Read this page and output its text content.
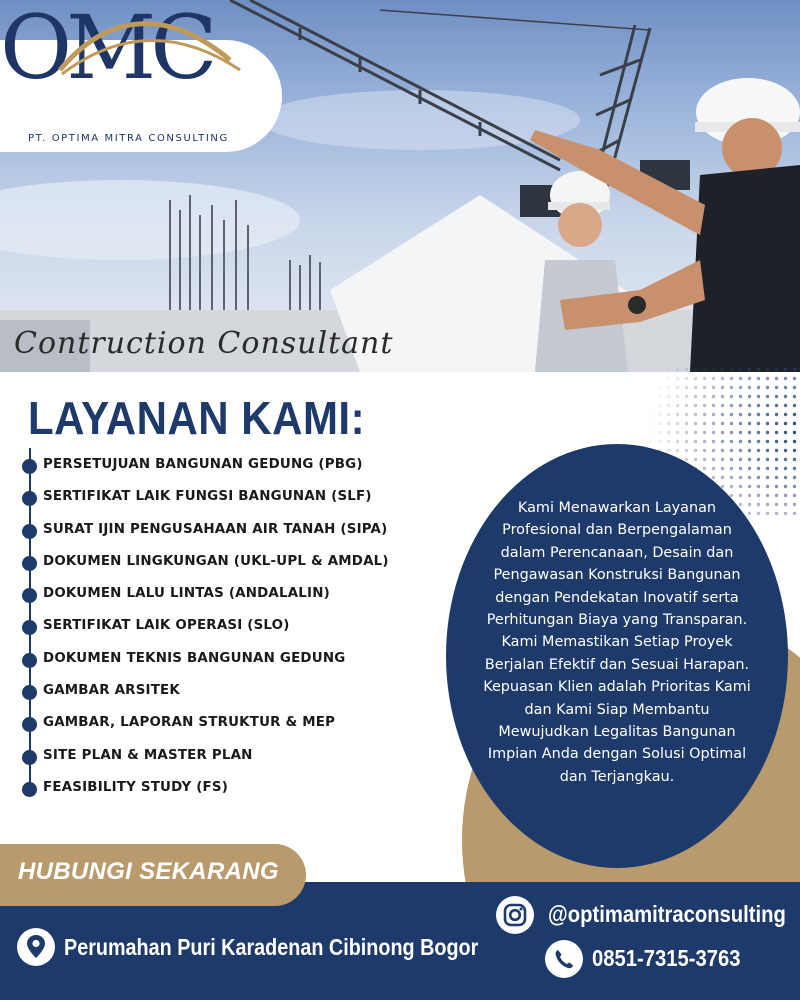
OMC
PT. OPTIMA MITRA CONSULTING
Contruction Consultant
LAYANAN KAMI:
PERSETUJUAN BANGUNAN GEDUNG (PBG)
SERTIFIKAT LAIK FUNGSI BANGUNAN (SLF)
SURAT IJIN PENGUSAHAAN AIR TANAH (SIPA)
DOKUMEN LINGKUNGAN (UKL-UPL & AMDAL)
DOKUMEN LALU LINTAS (ANDALALIN)
SERTIFIKAT LAIK OPERASI (SLO)
DOKUMEN TEKNIS BANGUNAN GEDUNG
GAMBAR ARSITEK
GAMBAR, LAPORAN STRUKTUR & MEP
SITE PLAN & MASTER PLAN
FEASIBILITY STUDY (FS)
Kami Menawarkan Layanan
Profesional dan Berpengalaman
dalam Perencanaan, Desain dan
Pengawasan Konstruksi Bangunan
dengan Pendekatan Inovatif serta
Perhitungan Biaya yang Transparan.
Kami Memastikan Setiap Proyek
Berjalan Efektif dan Sesuai Harapan.
Kepuasan Klien adalah Prioritas Kami
dan Kami Siap Membantu
Mewujudkan Legalitas Bangunan
Impian Anda dengan Solusi Optimal
dan Terjangkau.
HUBUNGI SEKARANG
Perumahan Puri Karadenan Cibinong Bogor
@optimamitraconsulting
0851-7315-3763
